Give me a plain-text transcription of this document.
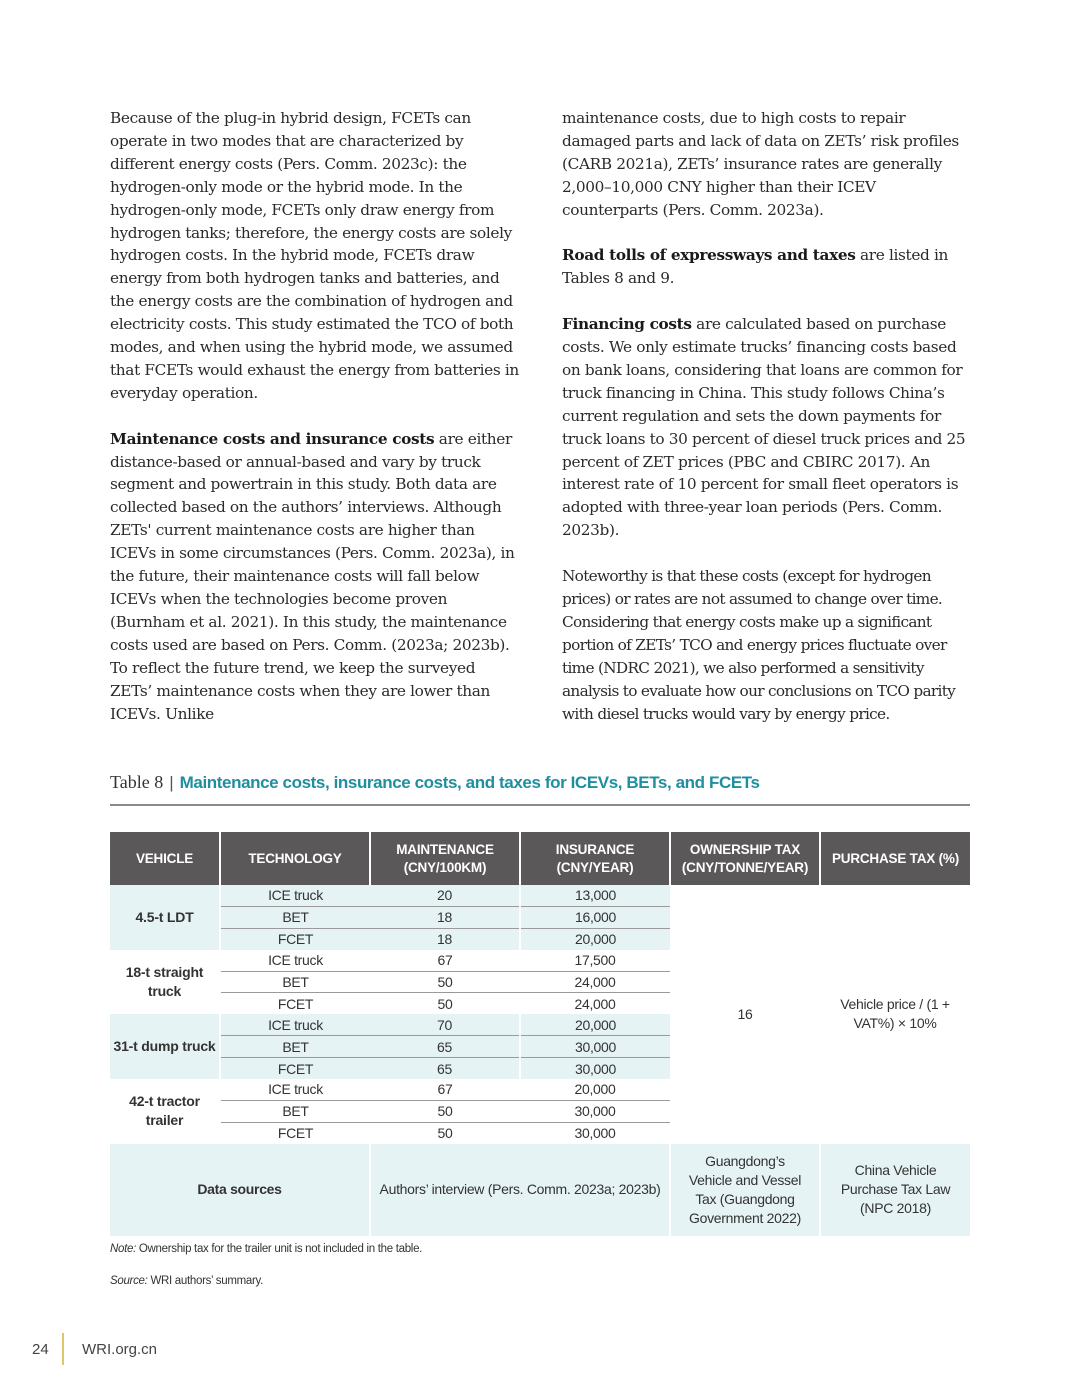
Because of the plug-in hybrid design, FCETs can operate in two modes that are characterized by different energy costs (Pers. Comm. 2023c): the hydrogen-only mode or the hybrid mode. In the hydrogen-only mode, FCETs only draw energy from hydrogen tanks; therefore, the energy costs are solely hydrogen costs. In the hybrid mode, FCETs draw energy from both hydrogen tanks and batteries, and the energy costs are the combination of hydrogen and electricity costs. This study estimated the TCO of both modes, and when using the hybrid mode, we assumed that FCETs would exhaust the energy from batteries in everyday operation.

Maintenance costs and insurance costs are either distance-based or annual-based and vary by truck segment and powertrain in this study. Both data are collected based on the authors’ interviews. Although ZETs' current maintenance costs are higher than ICEVs in some circumstances (Pers. Comm. 2023a), in the future, their maintenance costs will fall below ICEVs when the technologies become proven (Burnham et al. 2021). In this study, the maintenance costs used are based on Pers. Comm. (2023a; 2023b). To reflect the future trend, we keep the surveyed ZETs’ maintenance costs when they are lower than ICEVs. Unlike

maintenance costs, due to high costs to repair damaged parts and lack of data on ZETs’ risk profiles (CARB 2021a), ZETs’ insurance rates are generally 2,000–10,000 CNY higher than their ICEV counterparts (Pers. Comm. 2023a).

Road tolls of expressways and taxes are listed in Tables 8 and 9.

Financing costs are calculated based on purchase costs. We only estimate trucks’ financing costs based on bank loans, considering that loans are common for truck financing in China. This study follows China’s current regulation and sets the down payments for truck loans to 30 percent of diesel truck prices and 25 percent of ZET prices (PBC and CBIRC 2017). An interest rate of 10 percent for small fleet operators is adopted with three-year loan periods (Pers. Comm. 2023b).

Noteworthy is that these costs (except for hydrogen prices) or rates are not assumed to change over time. Considering that energy costs make up a significant portion of ZETs’ TCO and energy prices fluctuate over time (NDRC 2021), we also performed a sensitivity analysis to evaluate how our conclusions on TCO parity with diesel trucks would vary by energy price.

Table 8 | Maintenance costs, insurance costs, and taxes for ICEVs, BETs, and FCETs
VEHICLE	TECHNOLOGY	MAINTENANCE (CNY/100KM)	INSURANCE (CNY/YEAR)	OWNERSHIP TAX (CNY/TONNE/YEAR)	PURCHASE TAX (%)
4.5-t LDT	ICE truck	20	13,000	16	Vehicle price / (1 + VAT%) × 10%

	BET	18	16,000		
	FCET	18	20,000		
18-t straight truck	ICE truck	67	17,500		
	BET	50	24,000		
	FCET	50	24,000		
31-t dump truck	ICE truck	70	20,000		
	BET	65	30,000		
	FCET	65	30,000		
42-t tractor trailer	ICE truck	67	20,000		
	BET	50	30,000		
	FCET	50	30,000		
Data sources		Authors’ interview (Pers. Comm. 2023a; 2023b)		Guangdong’s Vehicle and Vessel Tax (Guangdong Government 2022)	China Vehicle Purchase Tax Law (NPC 2018)
Note: Ownership tax for the trailer unit is not included in the table.
Source: WRI authors’ summary.
24	WRI.org.cn
